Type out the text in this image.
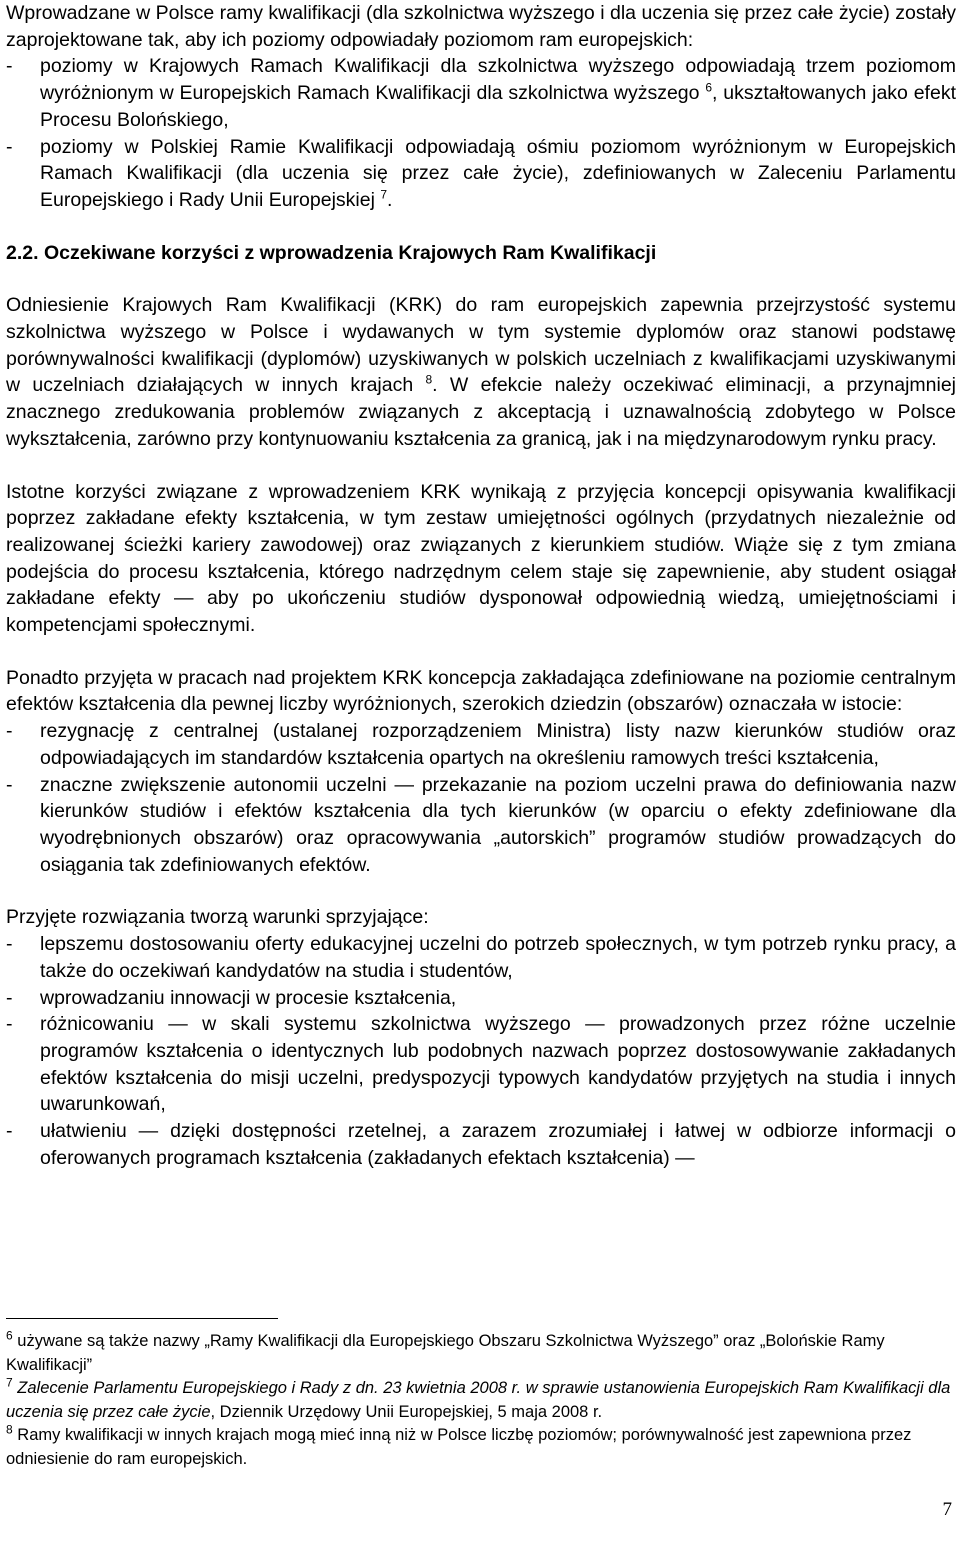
Wprowadzane w Polsce ramy kwalifikacji (dla szkolnictwa wyższego i dla uczenia się przez całe życie) zostały zaprojektowane tak, aby ich poziomy odpowiadały poziomom ram europejskich:

- poziomy w Krajowych Ramach Kwalifikacji dla szkolnictwa wyższego odpowiadają trzem poziomom wyróżnionym w Europejskich Ramach Kwalifikacji dla szkolnictwa wyższego $^6$, ukształtowanych jako efekt Procesu Bolońskiego,
- poziomy w Polskiej Ramie Kwalifikacji odpowiadają ośmiu poziomom wyróżnionym w Europejskich Ramach Kwalifikacji (dla uczenia się przez całe życie), zdefiniowanych w Zaleceniu Parlamentu Europejskiego i Rady Unii Europejskiej $^7$.
2.2. Oczekiwane korzyści z wprowadzenia Krajowych Ram Kwalifikacji

Odniesienie Krajowych Ram Kwalifikacji (KRK) do ram europejskich zapewnia przejrzystość systemu szkolnictwa wyższego w Polsce i wydawanych w tym systemie dyplomów oraz stanowi podstawę porównywalności kwalifikacji (dyplomów) uzyskiwanych w polskich uczelniach z kwalifikacjami uzyskiwanymi w uczelniach działających w innych krajach $^8$. W efekcie należy oczekiwać eliminacji, a przynajmniej znacznego zredukowania problemów związanych z akceptacją i uznawalnością zdobytego w Polsce wykształcenia, zarówno przy kontynuowaniu kształcenia za granicą, jak i na międzynarodowym rynku pracy.

Istotne korzyści związane z wprowadzeniem KRK wynikają z przyjęcia koncepcji opisywania kwalifikacji poprzez zakładane efekty kształcenia, w tym zestaw umiejętności ogólnych (przydatnych niezależnie od realizowanej ścieżki kariery zawodowej) oraz związanych z kierunkiem studiów. Wiąże się z tym zmiana podejścia do procesu kształcenia, którego nadrzędnym celem staje się zapewnienie, aby student osiągał zakładane efekty — aby po ukończeniu studiów dysponował odpowiednią wiedzą, umiejętnościami i kompetencjami społecznymi.

Ponadto przyjęta w pracach nad projektem KRK koncepcja zakładająca zdefiniowane na poziomie centralnym efektów kształcenia dla pewnej liczby wyróżnionych, szerokich dziedzin (obszarów) oznaczała w istocie:

- rezygnację z centralnej (ustalanej rozporządzeniem Ministra) listy nazw kierunków studiów oraz odpowiadających im standardów kształcenia opartych na określeniu ramowych treści kształcenia,
- znaczne zwiększenie autonomii uczelni — przekazanie na poziom uczelni prawa do definiowania nazw kierunków studiów i efektów kształcenia dla tych kierunków (w oparciu o efekty zdefiniowane dla wyodrębnionych obszarów) oraz opracowywania „autorskich” programów studiów prowadzących do osiągania tak zdefiniowanych efektów.

Przyjęte rozwiązania tworzą warunki sprzyjające:

- lepszemu dostosowaniu oferty edukacyjnej uczelni do potrzeb społecznych, w tym potrzeb rynku pracy, a także do oczekiwań kandydatów na studia i studentów,
- wprowadzaniu innowacji w procesie kształcenia,
- różnicowaniu — w skali systemu szkolnictwa wyższego — prowadzonych przez różne uczelnie programów kształcenia o identycznych lub podobnych nazwach poprzez dostosowywanie zakładanych efektów kształcenia do misji uczelni, predyspozycji typowych kandydatów przyjętych na studia i innych uwarunkowań,
- ułatwieniu — dzięki dostępności rzetelnej, a zarazem zrozumiałej i łatwej w odbiorze informacji o oferowanych programach kształcenia (zakładanych efektach kształcenia) —

$^6$ używane są także nazwy „Ramy Kwalifikacji dla Europejskiego Obszaru Szkolnictwa Wyższego” oraz „Bolońskie Ramy Kwalifikacji”

$^7$ Zalecenie Parlamentu Europejskiego i Rady z dn. 23 kwietnia 2008 r. w sprawie ustanowienia Europejskich Ram Kwalifikacji dla uczenia się przez całe życie, Dziennik Urzędowy Unii Europejskiej, 5 maja 2008 r.

$^8$ Ramy kwalifikacji w innych krajach mogą mieć inną niż w Polsce liczbę poziomów; porównywalność jest zapewniona przez odniesienie do ram europejskich.

7
